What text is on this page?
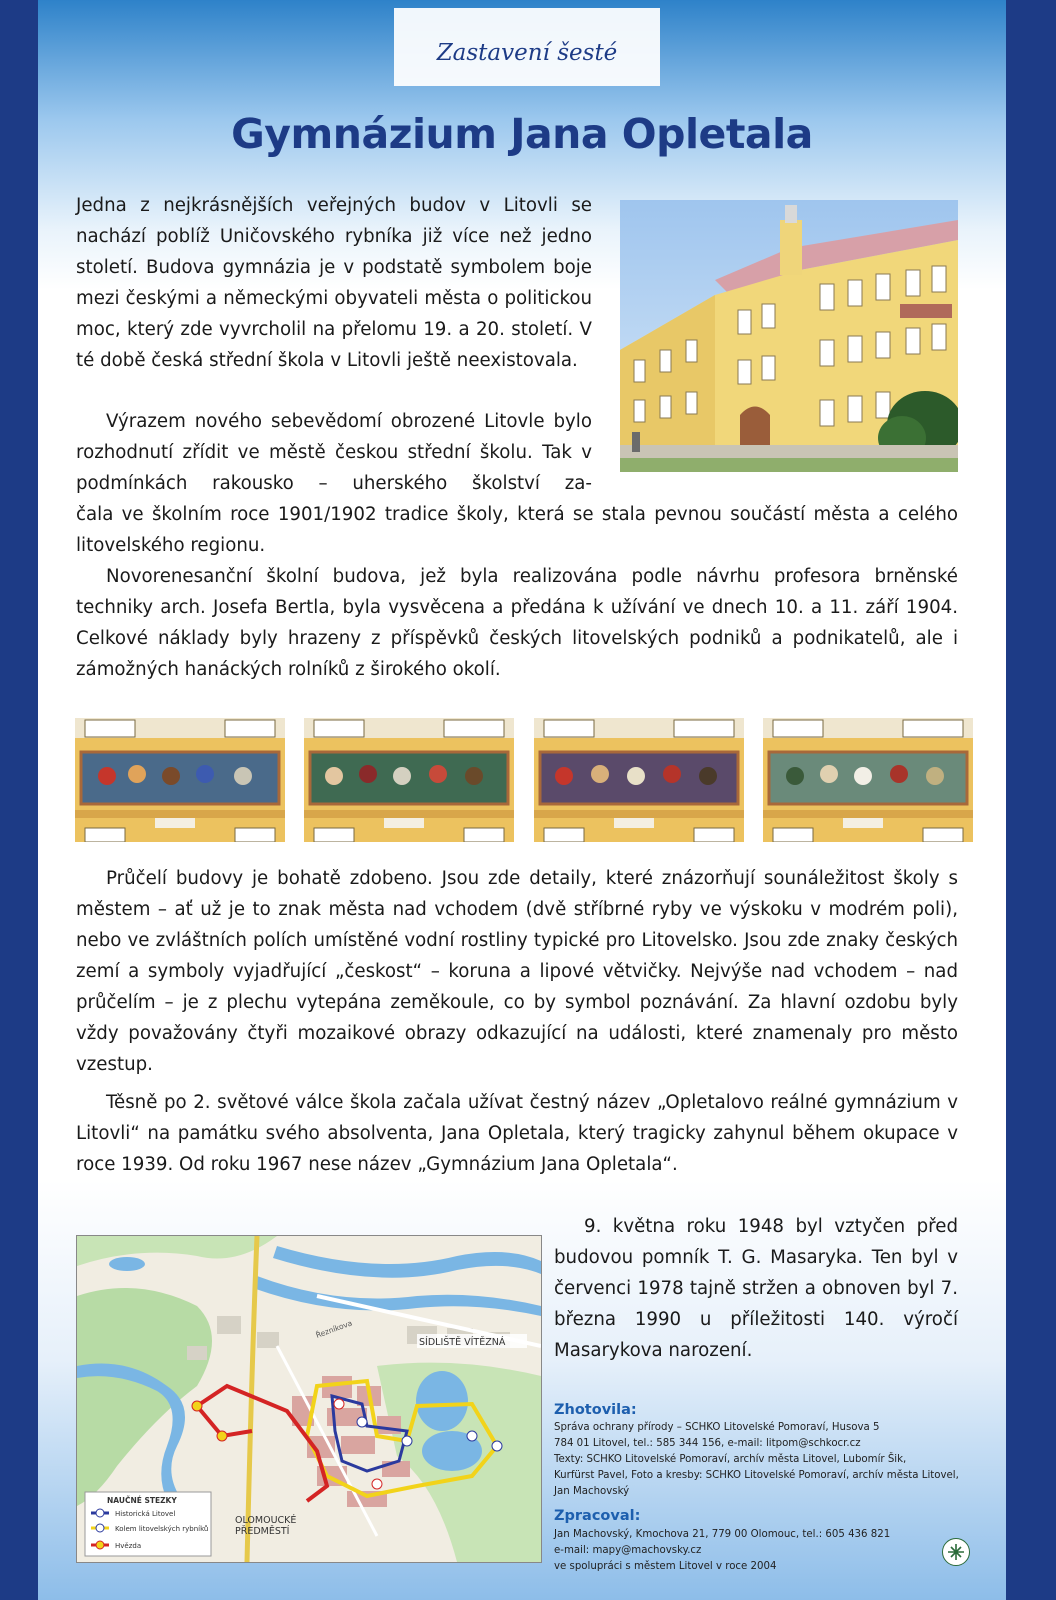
Zastavení šesté
Gymnázium Jana Opletala
Jedna z nejkrásnějších veřejných budov v Litovli se nachází poblíž Uničovského rybníka již více než jedno století. Budova gymnázia je v podstatě symbolem boje mezi českými a německými obyvateli města o politickou moc, který zde vyvrcholil na přelomu 19. a 20. století. V té době česká střední škola v Litovli ještě neexistovala.
Výrazem nového sebevědomí obrozené Litovle bylo rozhodnutí zřídit ve městě českou střední školu. Tak v podmínkách rakousko – uherského školství za-
čala ve školním roce 1901/1902 tradice školy, která se stala pevnou součástí města a celého litovelského regionu.
Novorenesanční školní budova, jež byla realizována podle návrhu profesora brněnské techniky arch. Josefa Bertla, byla vysvěcena a předána k užívání ve dnech 10. a 11. září 1904. Celkové náklady byly hrazeny z příspěvků českých litovelských podniků a podnikatelů, ale i zámožných hanáckých rolníků z širokého okolí.
Průčelí budovy je bohatě zdobeno. Jsou zde detaily, které znázorňují sounáležitost školy s městem – ať už je to znak města nad vchodem (dvě stříbrné ryby ve výskoku v modrém poli), nebo ve zvláštních polích umístěné vodní rostliny typické pro Litovelsko. Jsou zde znaky českých zemí a symboly vyjadřující „českost“ – koruna a lipové větvičky. Nejvýše nad vchodem – nad průčelím – je z plechu vytepána zeměkoule, co by symbol poznávání. Za hlavní ozdobu byly vždy považovány čtyři mozaikové obrazy odkazující na události, které znamenaly pro město vzestup.
Těsně po 2. světové válce škola začala užívat čestný název „Opletalovo reálné gymnázium v Litovli“ na památku svého absolventa, Jana Opletala, který tragicky zahynul během okupace v roce 1939. Od roku 1967 nese název „Gymnázium Jana Opletala“.
9. května roku 1948 byl vztyčen před budovou pomník T. G. Masaryka. Ten byl v červenci 1978 tajně stržen a obnoven byl 7. března 1990 u příležitosti 140. výročí Masarykova narození.
SÍDLIŠTĚ VÍTĚZNÁ
OLOMOUCKÉ
PŘEDMĚSTÍ
Řezníkova
NAUČNÉ STEZKY
Historická Litovel
Kolem litovelských rybníků
Hvězda
Zhotovila:
Správa ochrany přírody – SCHKO Litovelské Pomoraví, Husova 5
784 01 Litovel, tel.: 585 344 156, e-mail: litpom@schkocr.cz
Texty: SCHKO Litovelské Pomoraví, archív města Litovel, Lubomír Šik,
Kurfürst Pavel, Foto a kresby: SCHKO Litovelské Pomoraví, archív města Litovel,
Jan Machovský
Zpracoval:
Jan Machovský, Kmochova 21, 779 00 Olomouc, tel.: 605 436 821
e-mail: mapy@machovsky.cz
ve spolupráci s městem Litovel v roce 2004
